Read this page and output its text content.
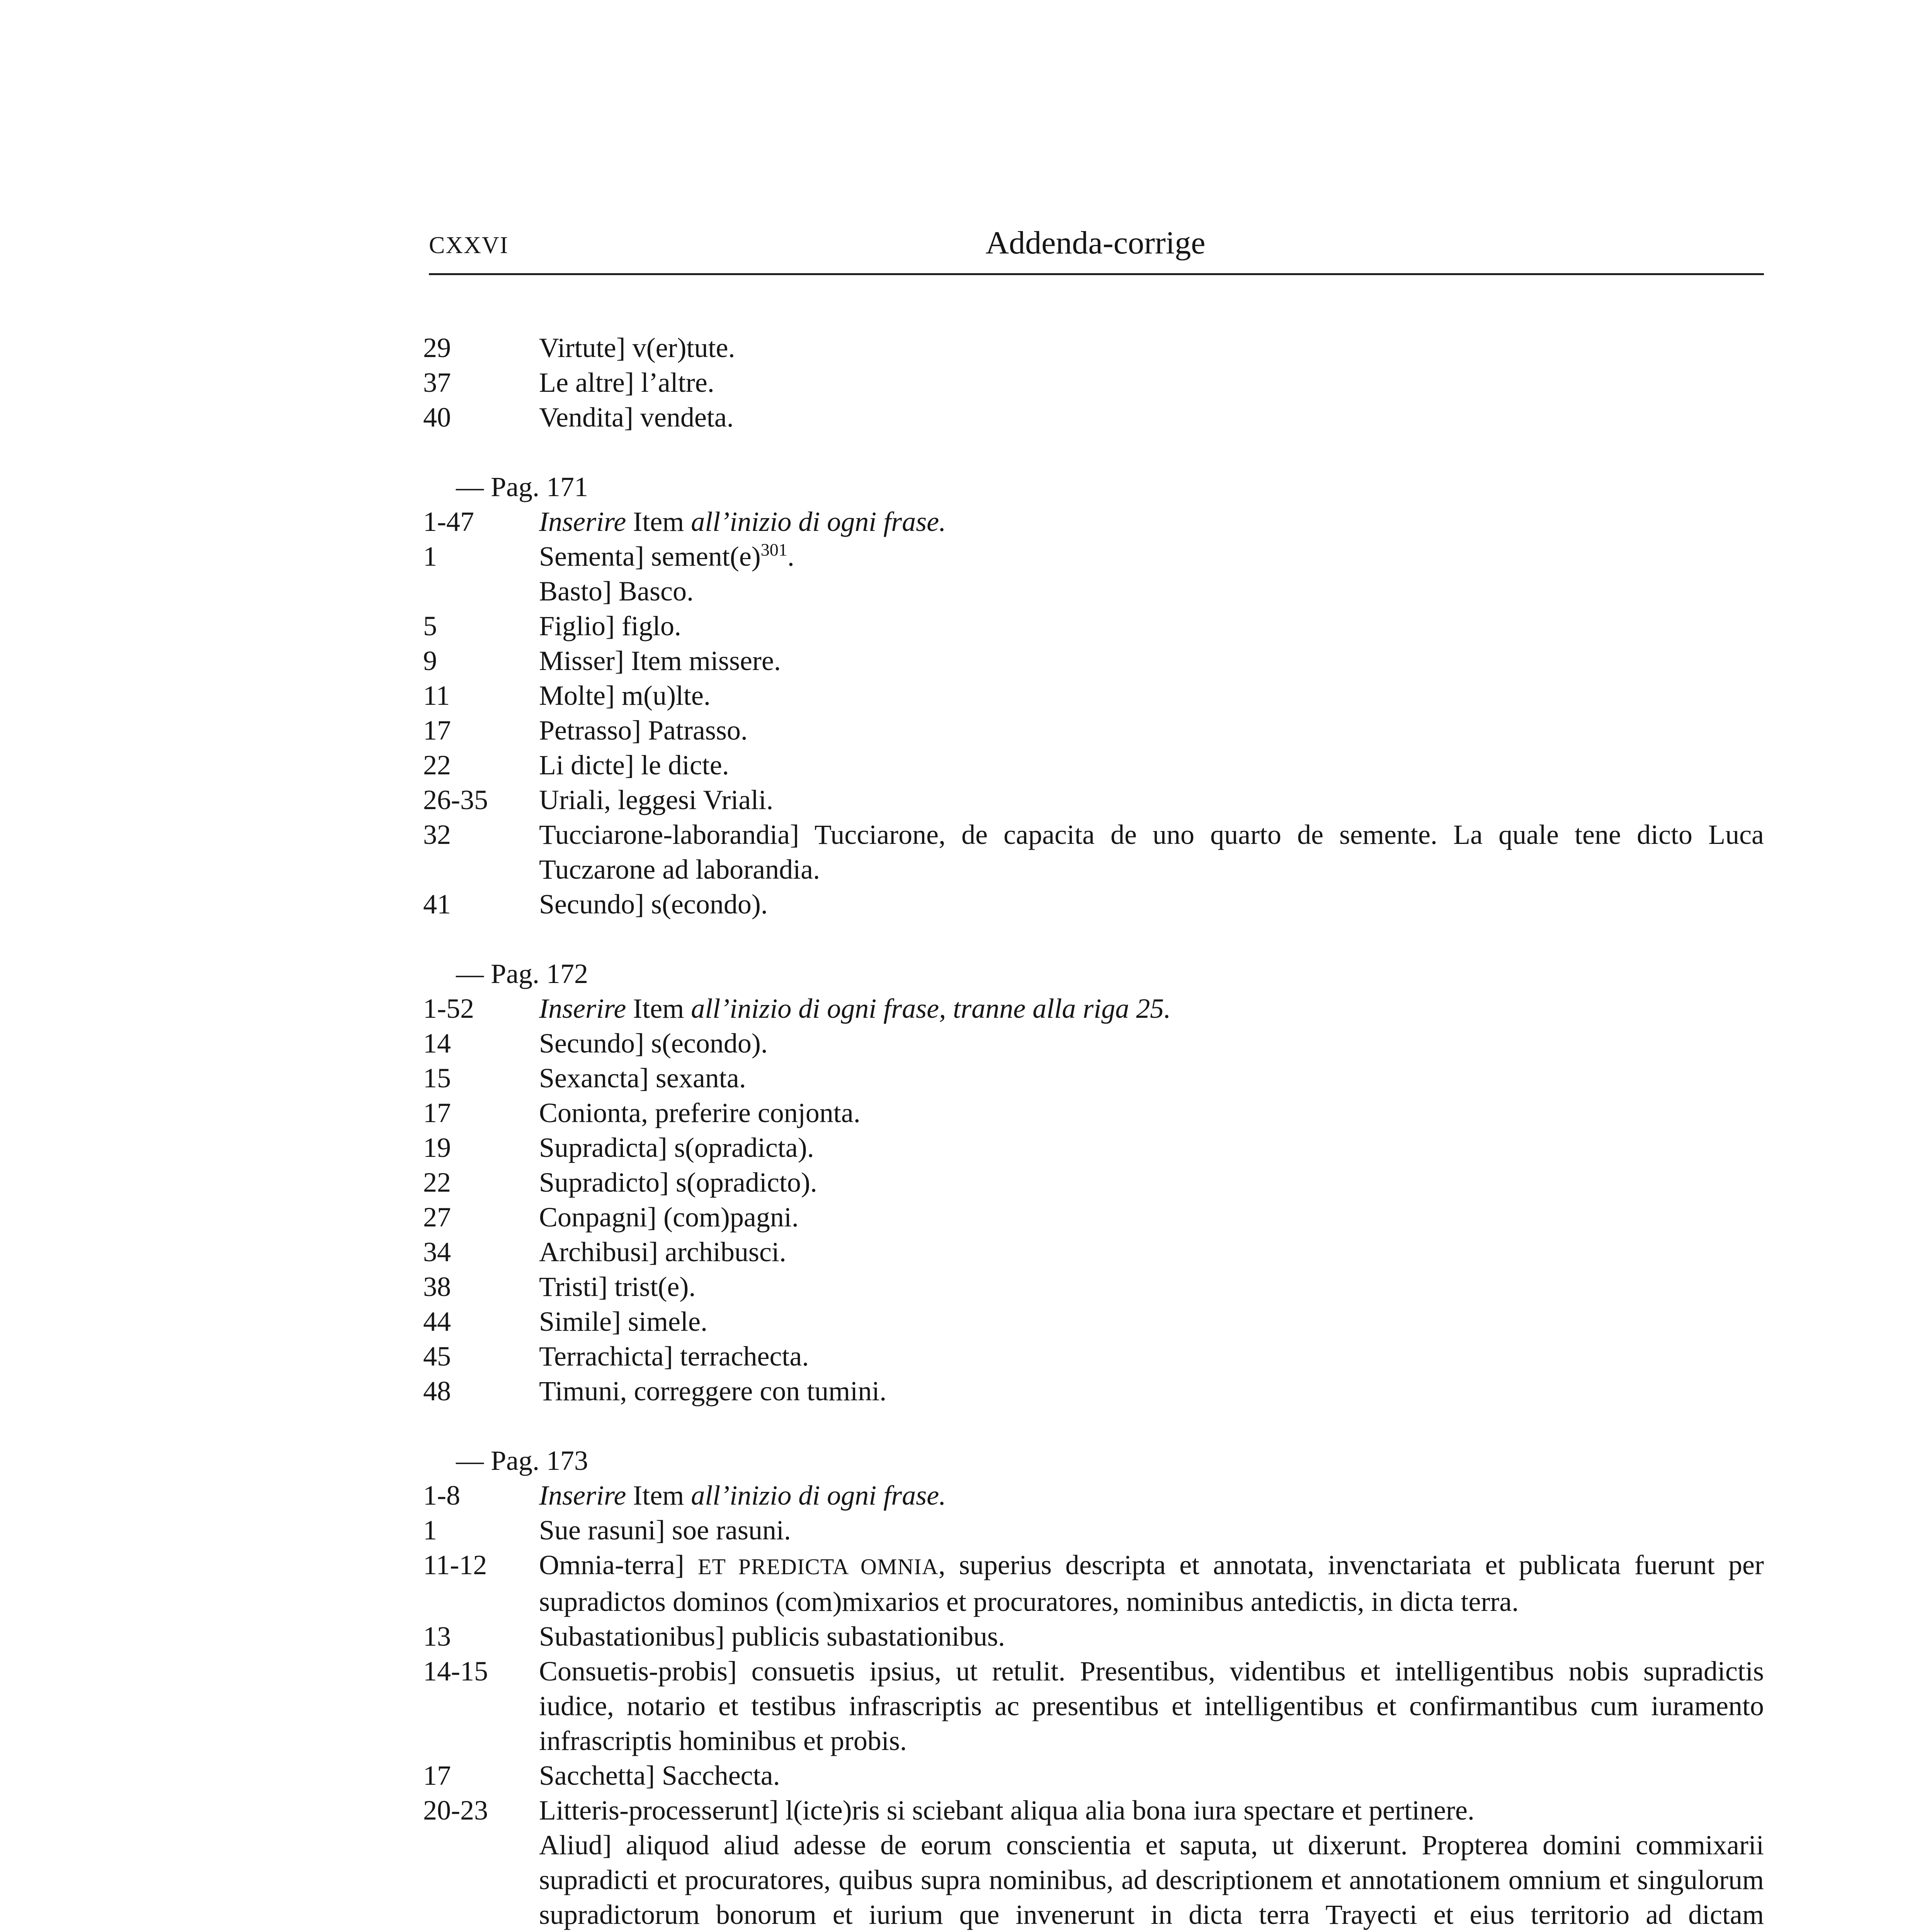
Addenda-corrige
CXXVI
29	Virtute] v(er)tute.
37	Le altre] l’altre.
40	Vendita] vendeta.
— Pag. 171
1-47	Inserire Item all’inizio di ogni frase.
1	Sementa] $sement(e)^{301}$.
Basto] Basco.
5	Figlio] figlo.
9	Misser] Item missere.
11	Molte] m(u)lte.
17	Petrasso] Patrasso.
22	Li dicte] le dicte.
26-35	Uriali, leggesi Vriali.
32	Tucciarone-laborandia] Tucciarone, de capacita de uno quarto de semente. La quale tene dicto Luca Tuczarone ad laborandia.
41	Secundo] s(econdo).
— Pag. 172
1-52	Inserire Item all’inizio di ogni frase, tranne alla riga 25.
14	Secundo] s(econdo).
15	Sexancta] sexanta.
17	Conionta, preferire conjonta.
19	Supradicta] s(opradicta).
22	Supradicto] s(opradicto).
27	Conpagni] (com)pagni.
34	Archibusi] archibusci.
38	Tristi] trist(e).
44	Simile] simele.
45	Terrachicta] terrachecta.
48	Timuni, correggere con tumini.
— Pag. 173
1-8	Inserire Item all’inizio di ogni frase.
1	Sue rasuni] soe rasuni.
11-12	Omnia-terra] ET PREDICTA OMNIA, superius descripta et annotata, invenctariata et publicata fuerunt per supradictos dominos (com)mixarios et procuratores, nominibus antedictis, in dicta terra.
13	Subastationibus] publicis subastationibus.
14-15	Consuetis-probis] consuetis ipsius, ut retulit. Presentibus, videntibus et intelligentibus nobis supradictis iudice, notario et testibus infrascriptis ac presentibus et intelligentibus et confirmantibus cum iuramento infrascriptis hominibus et probis.
17	Sacchetta] Sacchecta.
20-23	Litteris-processerunt] l(icte)ris si sciebant aliqua alia bona iura spectare et pertinere.
Aliud] aliquod aliud adesse de eorum conscientia et saputa, ut dixerunt. Propterea domini commixarii supradicti et procuratores, quibus supra nominibus, ad descriptionem et annotationem omnium et singulorum supradictorum bonorum et iurium que invenerunt in dicta terra Trayecti et eius territorio ad dictam
